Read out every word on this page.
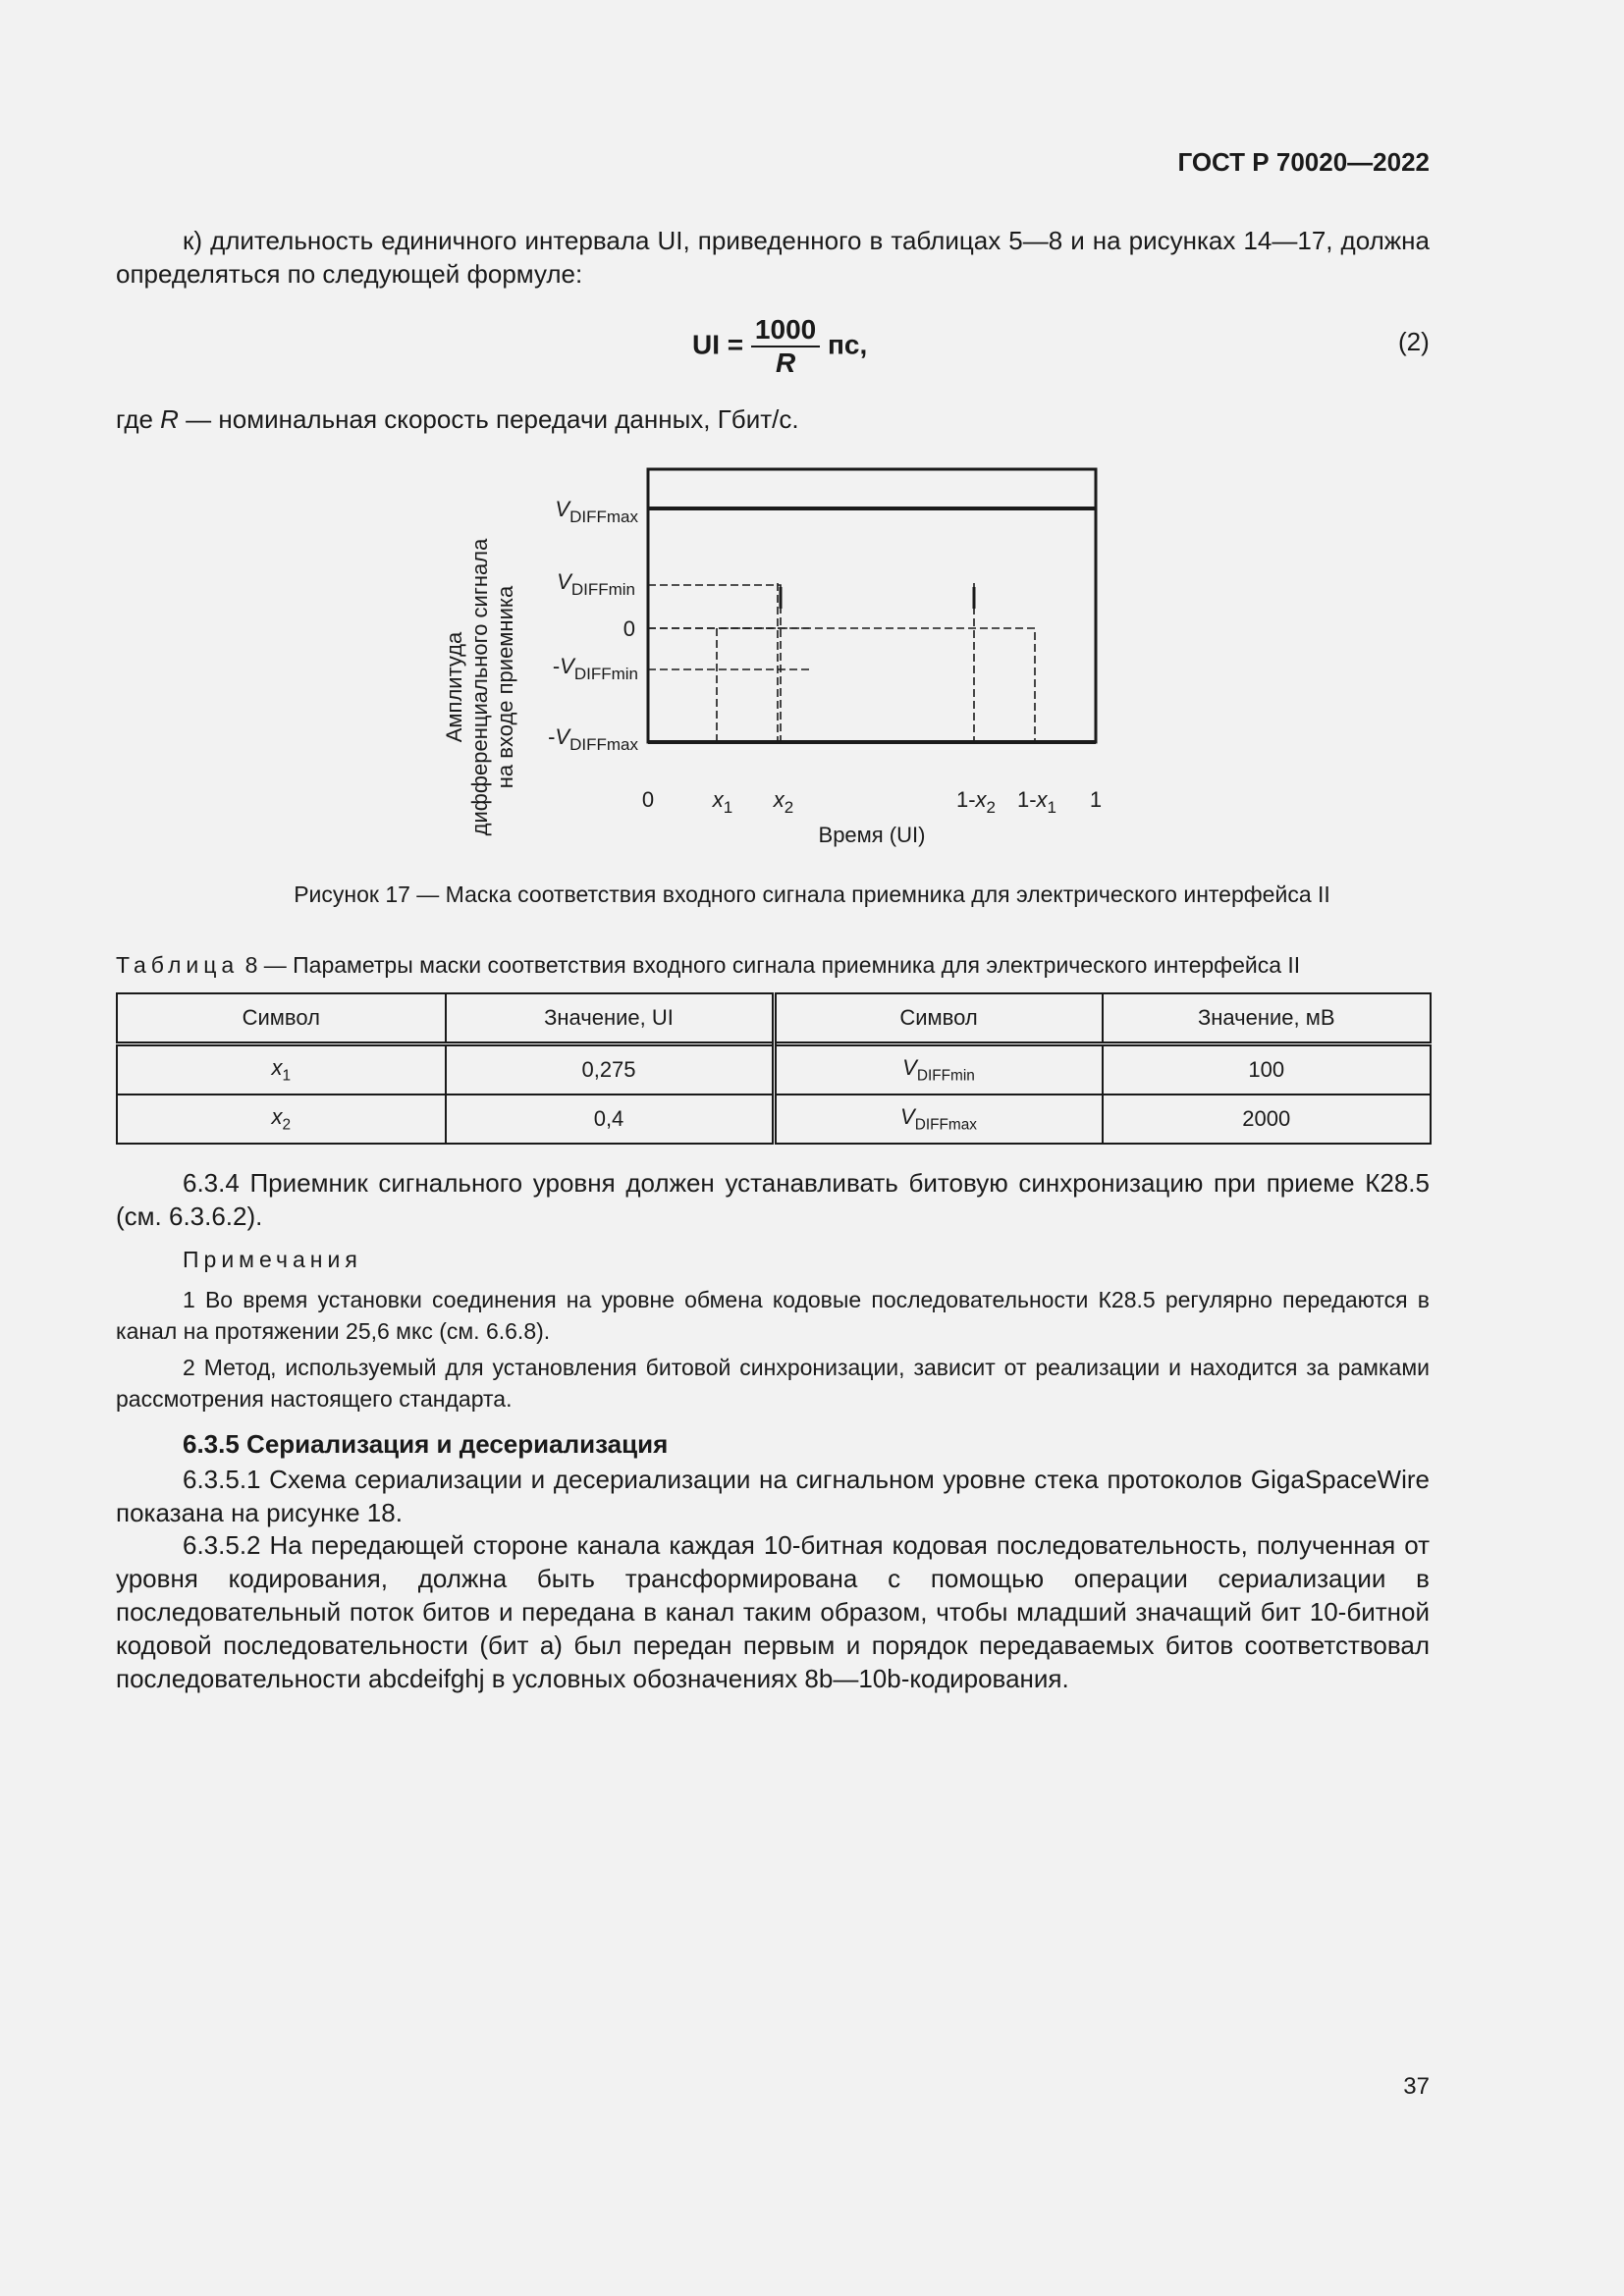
ГОСТ Р 70020—2022
к) длительность единичного интервала UI, приведенного в таблицах 5—8 и на рисунках 14—17, должна определяться по следующей формуле:
UI = $\frac{1000}{R}$ пс,	(2)
где R — номинальная скорость передачи данных, Гбит/с.
Амплитуда дифференциального сигнала на входе приемника
$V_{DIFFmax}$
$V_{DIFFmin}$
0
$-V_{DIFFmin}$
$-V_{DIFFmax}$
0	$x_1$ $x_2$	$1-x_2$ $1-x_1$ 1
Время (UI)
Рисунок 17 — Маска соответствия входного сигнала приемника для электрического интерфейса II
Таблица 8 — Параметры маски соответствия входного сигнала приемника для электрического интерфейса II
Символ	Значение, UI	Символ	Значение, мВ
$x_1$	0,275	$V_{DIFFmin}$	100
$x_2$	0,4	$V_{DIFFmax}$	2000
6.3.4 Приемник сигнального уровня должен устанавливать битовую синхронизацию при приеме К28.5 (см. 6.3.6.2).
Примечания
1 Во время установки соединения на уровне обмена кодовые последовательности К28.5 регулярно передаются в канал на протяжении 25,6 мкс (см. 6.6.8).
2 Метод, используемый для установления битовой синхронизации, зависит от реализации и находится за рамками рассмотрения настоящего стандарта.
6.3.5 Сериализация и десериализация
6.3.5.1 Схема сериализации и десериализации на сигнальном уровне стека протоколов GigaSpaceWire показана на рисунке 18.
6.3.5.2 На передающей стороне канала каждая 10-битная кодовая последовательность, полученная от уровня кодирования, должна быть трансформирована с помощью операции сериализации в последовательный поток битов и передана в канал таким образом, чтобы младший значащий бит 10-битной кодовой последовательности (бит а) был передан первым и порядок передаваемых битов соответствовал последовательности abcdeifghj в условных обозначениях 8b—10b-кодирования.
37
